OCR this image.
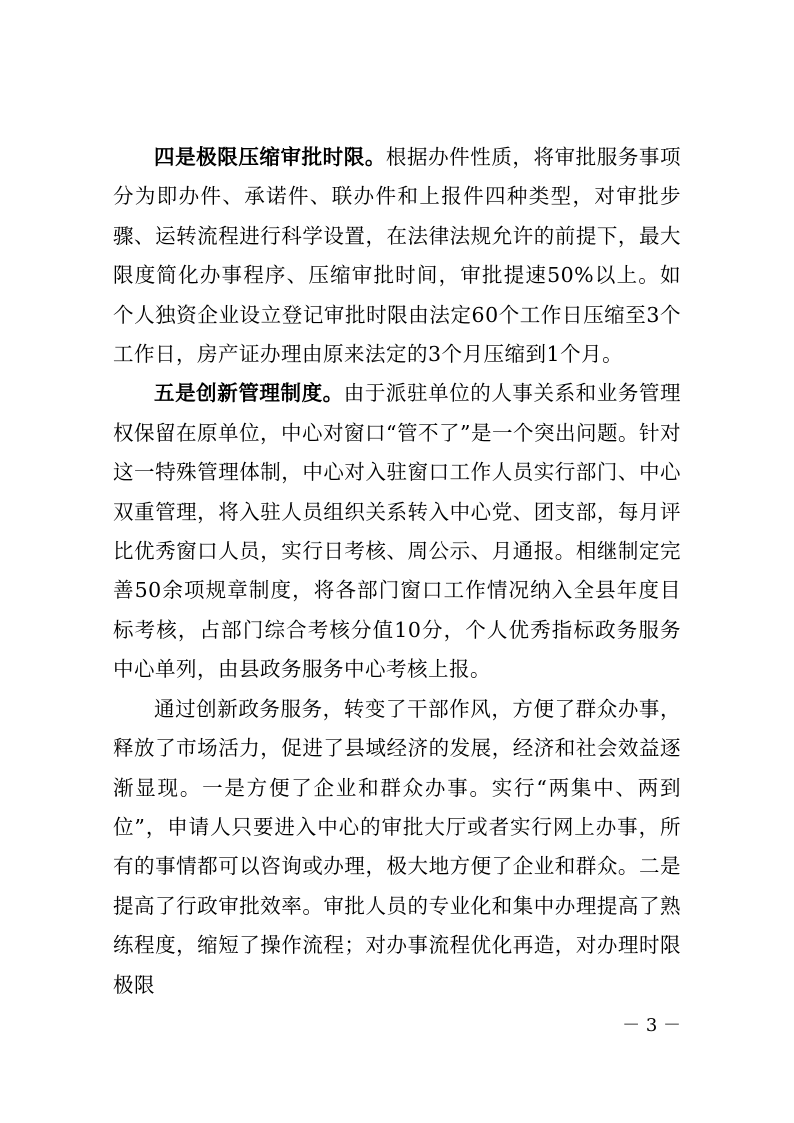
四是极限压缩审批时限。根据办件性质，将审批服务事项分为即办件、承诺件、联办件和上报件四种类型，对审批步骤、运转流程进行科学设置，在法律法规允许的前提下，最大限度简化办事程序、压缩审批时间，审批提速50%以上。如个人独资企业设立登记审批时限由法定60个工作日压缩至3个工作日，房产证办理由原来法定的3个月压缩到1个月。

五是创新管理制度。由于派驻单位的人事关系和业务管理权保留在原单位，中心对窗口“管不了”是一个突出问题。针对这一特殊管理体制，中心对入驻窗口工作人员实行部门、中心双重管理，将入驻人员组织关系转入中心党、团支部，每月评比优秀窗口人员，实行日考核、周公示、月通报。相继制定完善50余项规章制度，将各部门窗口工作情况纳入全县年度目标考核，占部门综合考核分值10分，个人优秀指标政务服务中心单列，由县政务服务中心考核上报。

通过创新政务服务，转变了干部作风，方便了群众办事，释放了市场活力，促进了县域经济的发展，经济和社会效益逐渐显现。一是方便了企业和群众办事。实行“两集中、两到位”，申请人只要进入中心的审批大厅或者实行网上办事，所有的事情都可以咨询或办理，极大地方便了企业和群众。二是提高了行政审批效率。审批人员的专业化和集中办理提高了熟练程度，缩短了操作流程；对办事流程优化再造，对办理时限极限

－ 3 －
